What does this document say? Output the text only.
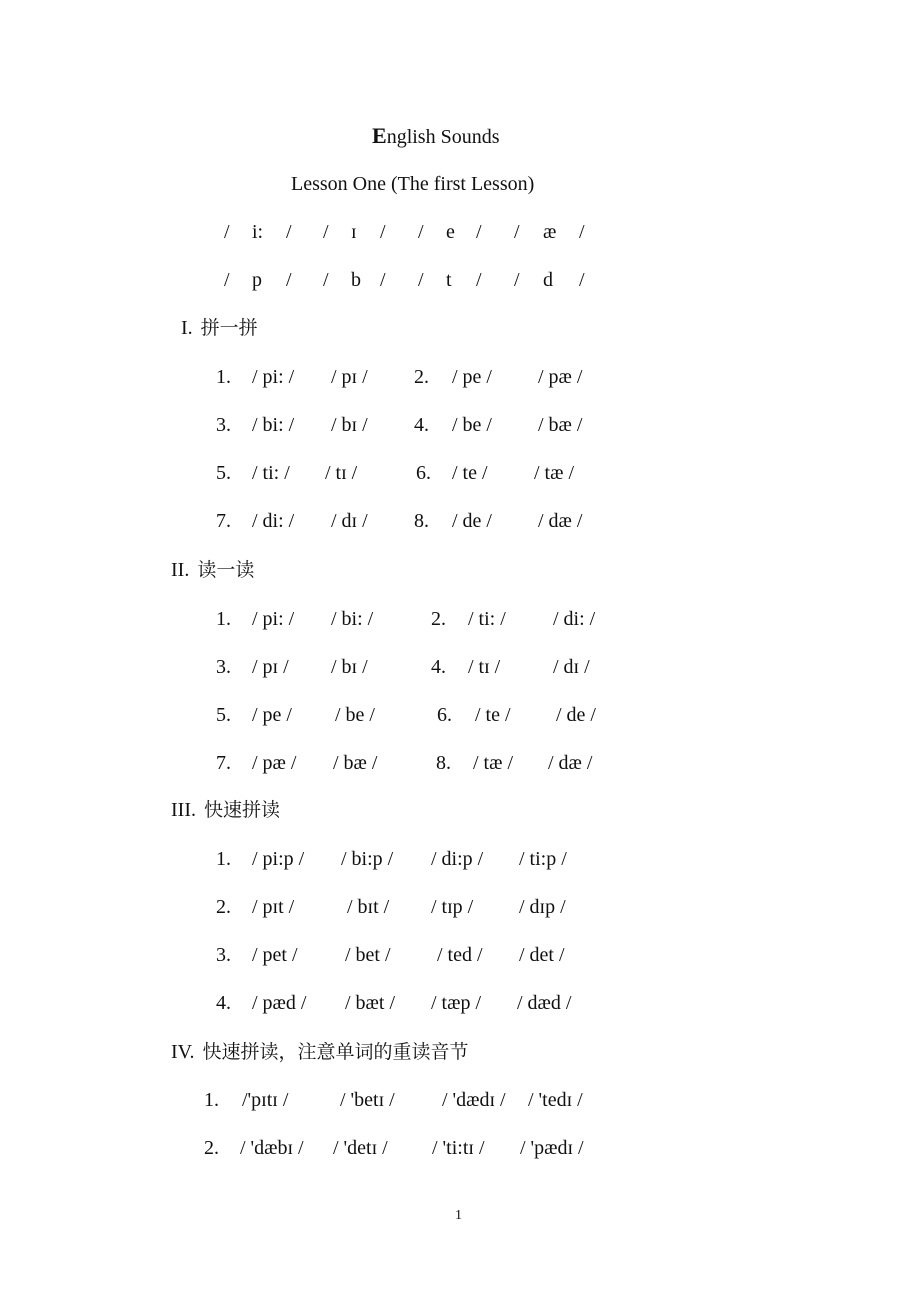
English Sounds
Lesson One (The first Lesson)
/ i: / / ɪ / / e / / æ /
/ p / / b / / t / / d /
I. 拼一拼
1. / pi: / / pɪ / 2. / pe / / pæ /
3. / bi: / / bɪ / 4. / be / / bæ /
5. / ti: / / tɪ /	6. / te / / tæ /
7. / di: / / dɪ / 8. / de / / dæ /
II. 读一读
1. / pi: / / bi: /	2. / ti: / / di: /
3. / pɪ / / bɪ /	4. / tɪ /	/ dɪ /
5. / pe / / be /	6. / te / / de /
7. / pæ / / bæ /	8. / tæ / / dæ /
III. 快速拼读
1. / pi:p / / bi:p / / di:p / / ti:p /
2. / pɪt /	/ bɪt / / tɪp / / dɪp /
3. / pet / / bet / / ted / / det /
4. / pæd / / bæt / / tæp / / dæd /
IV. 快速拼读，注意单词的重读音节
1. /'pɪtɪ /	/ 'betɪ / / 'dædɪ / / 'tedɪ /
2. / 'dæbɪ / / 'detɪ / / 'ti:tɪ / / 'pædɪ /
1
